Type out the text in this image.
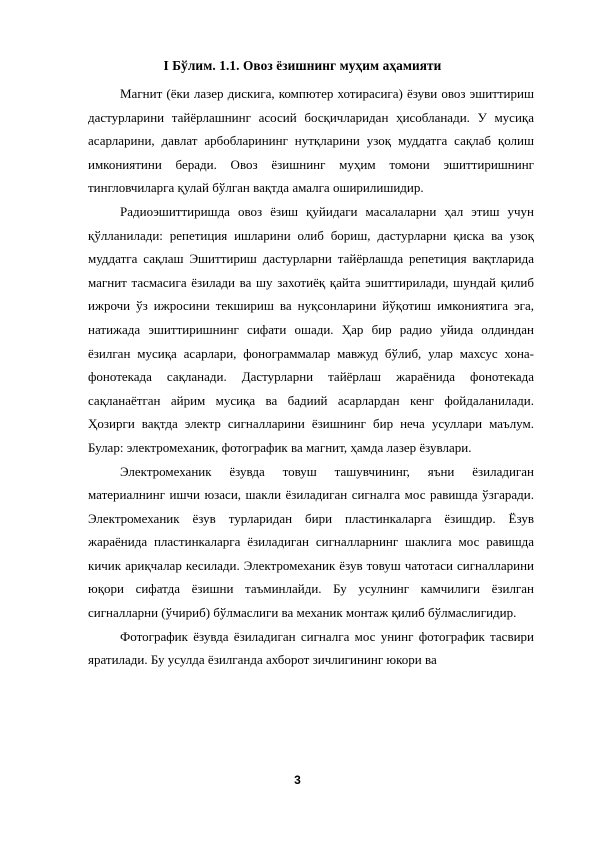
I Бўлим. 1.1. Овоз ёзишнинг муҳим аҳамияти

Магнит (ёки лазер дискига, компютер хотирасига) ёзуви овоз эшиттириш дастурларини тайёрлашнинг асосий босқичларидан ҳисобланади. У мусиқа асарларини, давлат арбобларининг нутқларини узоқ муддатга сақлаб қолиш имкониятини беради. Овоз ёзишнинг муҳим томони эшиттиришнинг тингловчиларга қулай бўлган вақтда амалга оширилишидир.

Радиоэшиттиришда овоз ёзиш қуйидаги масалаларни ҳал этиш учун қўлланилади: репетиция ишларини олиб бориш, дастурларни қиска ва узоқ муддатга сақлаш Эшиттириш дастурларни тайёрлашда репетиция вақтларида магнит тасмасига ёзилади ва шу захотиёқ қайта эшиттирилади, шундай қилиб ижрочи ўз ижросини текшириш ва нуқсонларини йўқотиш имкониятига эга, натижада эшиттиришнинг сифати ошади. Ҳар бир радио уйида олдиндан ёзилган мусиқа асарлари, фонограммалар мавжуд бўлиб, улар махсус хона-фонотекада сақланади. Дастурларни тайёрлаш жараёнида фонотекада сақланаётган айрим мусиқа ва бадиий асарлардан кенг фойдаланилади. Ҳозирги вақтда электр сигналларини ёзишнинг бир неча усуллари маълум. Булар: электромеханик, фотографик ва магнит, ҳамда лазер ёзувлари.

Электромеханик ёзувда товуш ташувчининг, яъни ёзиладиган материалнинг ишчи юзаси, шакли ёзиладиган сигналга мос равишда ўзгаради. Электромеханик ёзув турларидан бири пластинкаларга ёзишдир. Ёзув жараёнида пластинкаларга ёзиладиган сигналларнинг шаклига мос равишда кичик ариқчалар кесилади. Электромеханик ёзув товуш чатотаси сигналларини юқори сифатда ёзишни таъминлайди. Бу усулнинг камчилиги ёзилган сигналларни (ўчириб) бўлмаслиги ва механик монтаж қилиб бўлмаслигидир.

Фотографик ёзувда ёзиладиган сигналга мос унинг фотографик тасвири яратилади. Бу усулда ёзилганда ахборот зичлигининг юкори ва

3
